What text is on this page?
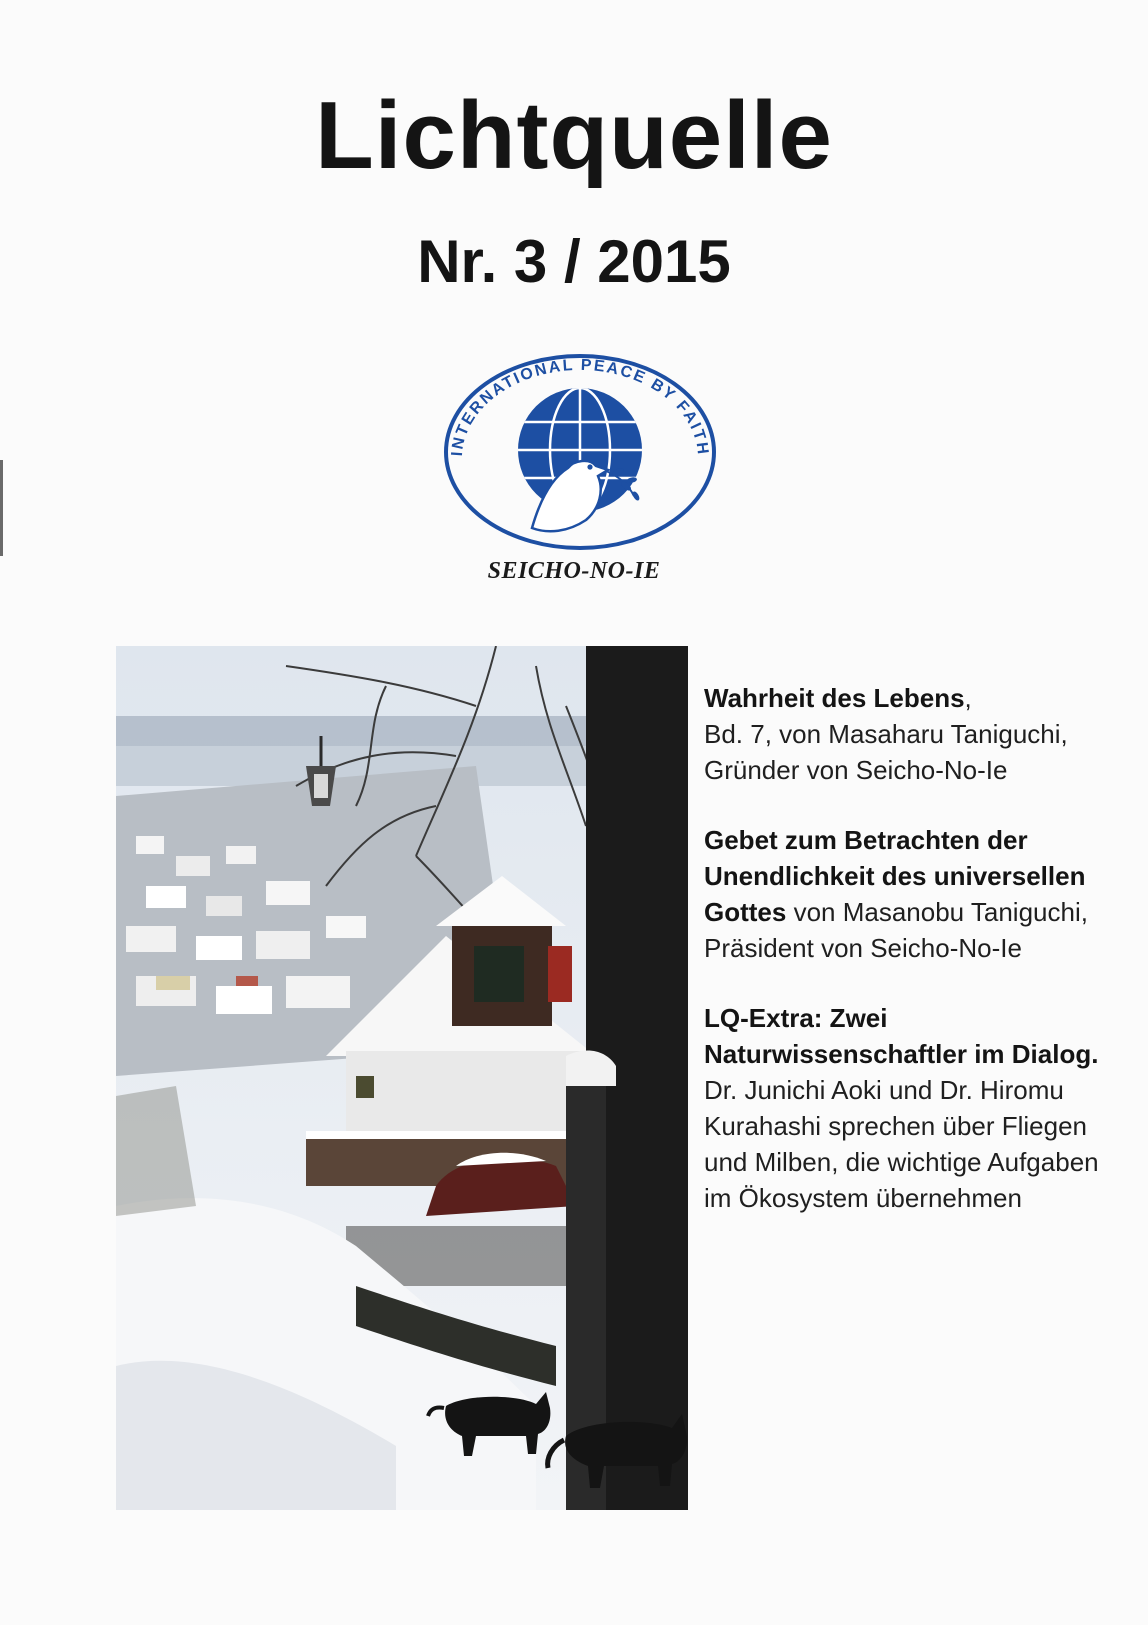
Lichtquelle
Nr. 3 / 2015
INTERNATIONAL PEACE BY FAITH
SEICHO-NO-IE

Wahrheit des Lebens,
Bd. 7, von Masaharu Taniguchi, Gründer von Seicho-No-Ie

Gebet zum Betrachten der Unendlichkeit des universellen Gottes von Masanobu Taniguchi, Präsident von Seicho-No-Ie

LQ-Extra: Zwei Naturwissenschaftler im Dialog. Dr. Junichi Aoki und Dr. Hiromu Kurahashi sprechen über Fliegen und Milben, die wichtige Aufgaben im Ökosystem übernehmen
